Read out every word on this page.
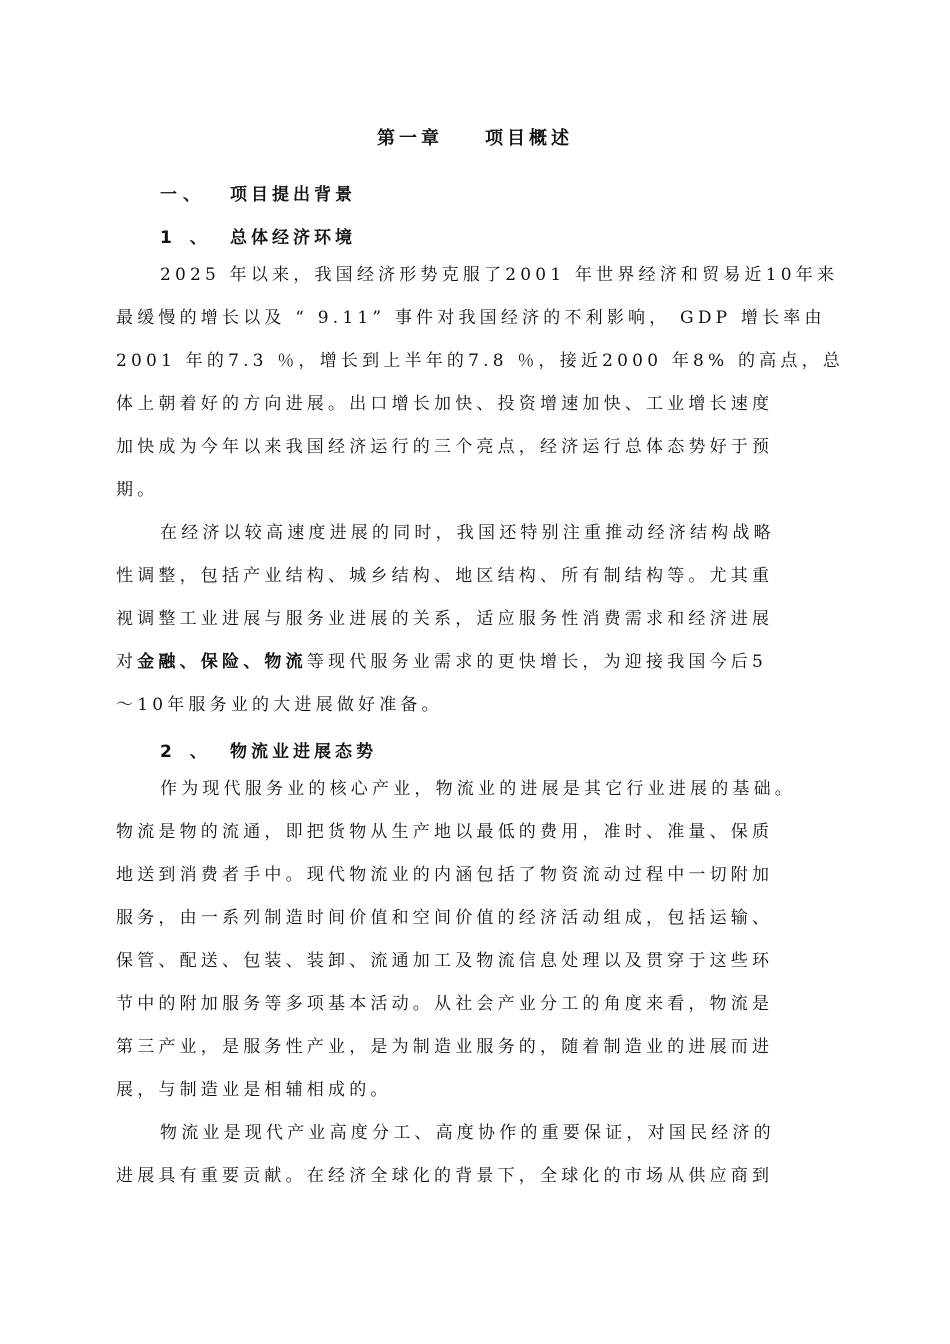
第一章 项目概述
一、 项目提出背景
1 、 总体经济环境
2025 年以来，我国经济形势克服了2001 年世界经济和贸易近10年来
最缓慢的增长以及 “ 9.11” 事件对我国经济的不利影响， GDP 增长率由
2001 年的7.3 ％，增长到上半年的7.8 ％，接近2000 年8% 的高点，总
体上朝着好的方向进展。出口增长加快、投资增速加快、工业增长速度
加快成为今年以来我国经济运行的三个亮点，经济运行总体态势好于预
期。
在经济以较高速度进展的同时，我国还特别注重推动经济结构战略
性调整，包括产业结构、城乡结构、地区结构、所有制结构等。尤其重
视调整工业进展与服务业进展的关系，适应服务性消费需求和经济进展
对金融、保险、物流等现代服务业需求的更快增长，为迎接我国今后5
～10年服务业的大进展做好准备。
2 、 物流业进展态势
作为现代服务业的核心产业，物流业的进展是其它行业进展的基础。
物流是物的流通，即把货物从生产地以最低的费用，准时、准量、保质
地送到消费者手中。现代物流业的内涵包括了物资流动过程中一切附加
服务，由一系列制造时间价值和空间价值的经济活动组成，包括运输、
保管、配送、包装、装卸、流通加工及物流信息处理以及贯穿于这些环
节中的附加服务等多项基本活动。从社会产业分工的角度来看，物流是
第三产业，是服务性产业，是为制造业服务的，随着制造业的进展而进
展，与制造业是相辅相成的。
物流业是现代产业高度分工、高度协作的重要保证，对国民经济的
进展具有重要贡献。在经济全球化的背景下，全球化的市场从供应商到
